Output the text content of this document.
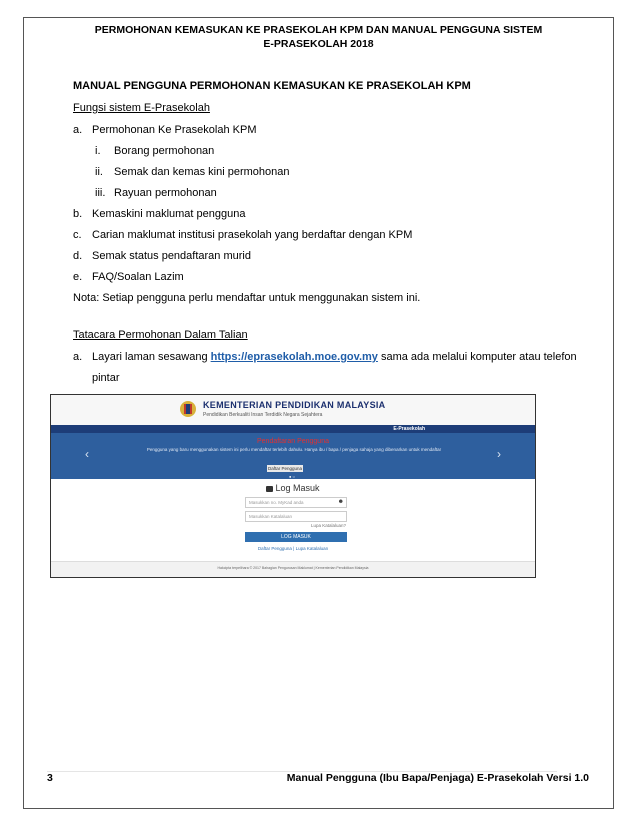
PERMOHONAN KEMASUKAN KE PRASEKOLAH KPM DAN MANUAL PENGGUNA SISTEM
E-PRASEKOLAH 2018
MANUAL PENGGUNA PERMOHONAN KEMASUKAN KE PRASEKOLAH KPM
Fungsi sistem E-Prasekolah
a. Permohonan Ke Prasekolah KPM
i. Borang permohonan
ii. Semak dan kemas kini permohonan
iii. Rayuan permohonan
b. Kemaskini maklumat pengguna
c. Carian maklumat institusi prasekolah yang berdaftar dengan KPM
d. Semak status pendaftaran murid
e. FAQ/Soalan Lazim
Nota: Setiap pengguna perlu mendaftar untuk menggunakan sistem ini.
Tatacara Permohonan Dalam Talian
a. Layari laman sesawang https://eprasekolah.moe.gov.my sama ada melalui komputer atau telefon
pintar
KEMENTERIAN PENDIDIKAN MALAYSIA
Pendidikan Berkualiti Insan Terdidik Negara Sejahtera
E-Prasekolah
‹	›
Pendaftaran Pengguna
Pengguna yang baru menggunakan sistem ini perlu mendaftar terlebih dahulu. Hanya ibu / bapa / penjaga sahaja yang dibenarkan untuk mendaftar
Daftar Pengguna
● ○
Log Masuk
Masukkan no. MyKad anda	☻
Masukkan Katalaluan
Lupa Katalaluan?
LOG MASUK
Daftar Pengguna | Lupa Katalaluan
Hakcipta terpelihara © 2017 Bahagian Pengurusan Maklumat | Kementerian Pendidikan Malaysia
3	Manual Pengguna (Ibu Bapa/Penjaga) E-Prasekolah Versi 1.0
